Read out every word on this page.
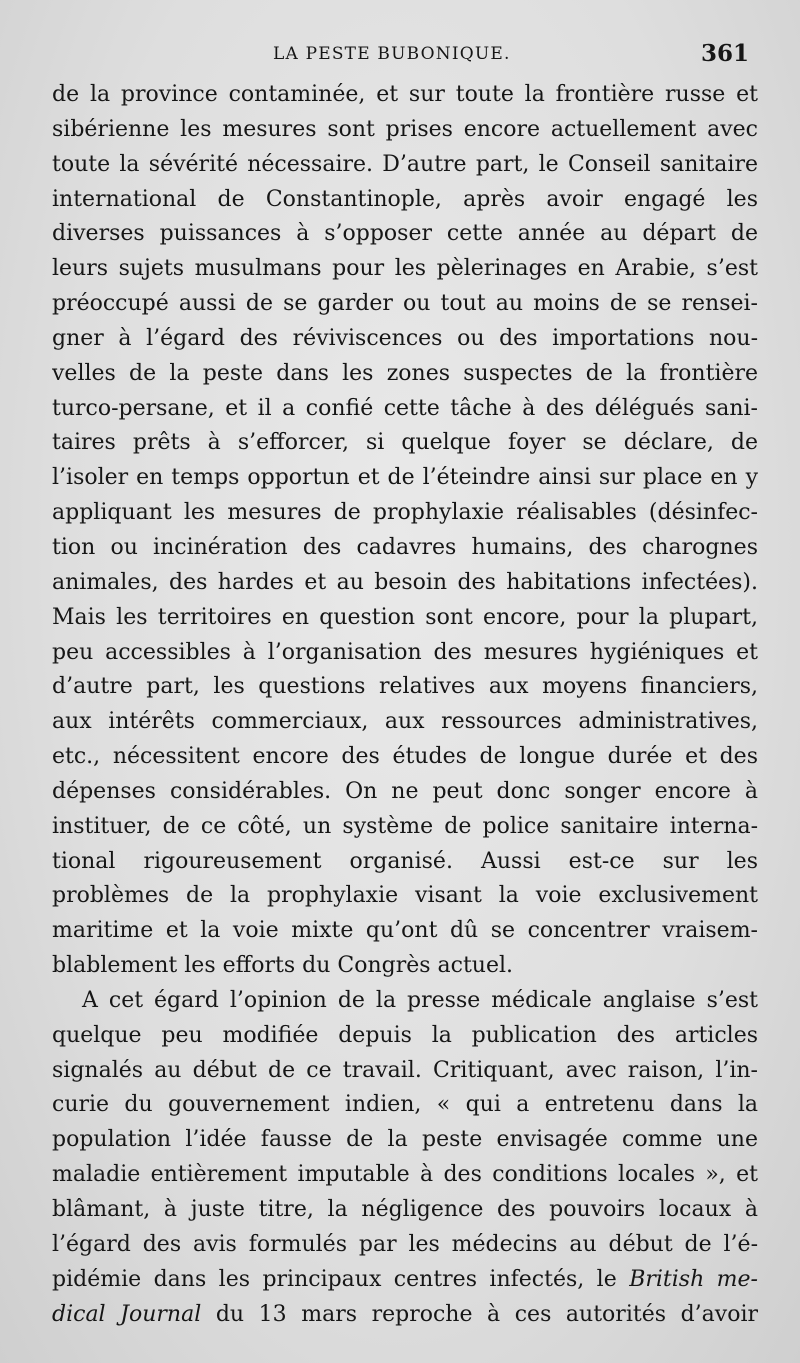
LA PESTE BUBONIQUE.	361
de la province contaminée, et sur toute la frontière russe et
sibérienne les mesures sont prises encore actuellement avec
toute la sévérité nécessaire. D’autre part, le Conseil sanitaire
international de Constantinople, après avoir engagé les
diverses puissances à s’opposer cette année au départ de
leurs sujets musulmans pour les pèlerinages en Arabie, s’est
préoccupé aussi de se garder ou tout au moins de se rensei-
gner à l’égard des réviviscences ou des importations nou-
velles de la peste dans les zones suspectes de la frontière
turco-persane, et il a confié cette tâche à des délégués sani-
taires prêts à s’efforcer, si quelque foyer se déclare, de
l’isoler en temps opportun et de l’éteindre ainsi sur place en y
appliquant les mesures de prophylaxie réalisables (désinfec-
tion ou incinération des cadavres humains, des charognes
animales, des hardes et au besoin des habitations infectées).
Mais les territoires en question sont encore, pour la plupart,
peu accessibles à l’organisation des mesures hygiéniques et
d’autre part, les questions relatives aux moyens financiers,
aux intérêts commerciaux, aux ressources administratives,
etc., nécessitent encore des études de longue durée et des
dépenses considérables. On ne peut donc songer encore à
instituer, de ce côté, un système de police sanitaire interna-
tional rigoureusement organisé. Aussi est-ce sur les
problèmes de la prophylaxie visant la voie exclusivement
maritime et la voie mixte qu’ont dû se concentrer vraisem-
blablement les efforts du Congrès actuel.
A cet égard l’opinion de la presse médicale anglaise s’est
quelque peu modifiée depuis la publication des articles
signalés au début de ce travail. Critiquant, avec raison, l’in-
curie du gouvernement indien, « qui a entretenu dans la
population l’idée fausse de la peste envisagée comme une
maladie entièrement imputable à des conditions locales », et
blâmant, à juste titre, la négligence des pouvoirs locaux à
l’égard des avis formulés par les médecins au début de l’é-
pidémie dans les principaux centres infectés, le British me-
dical Journal du 13 mars reproche à ces autorités d’avoir
